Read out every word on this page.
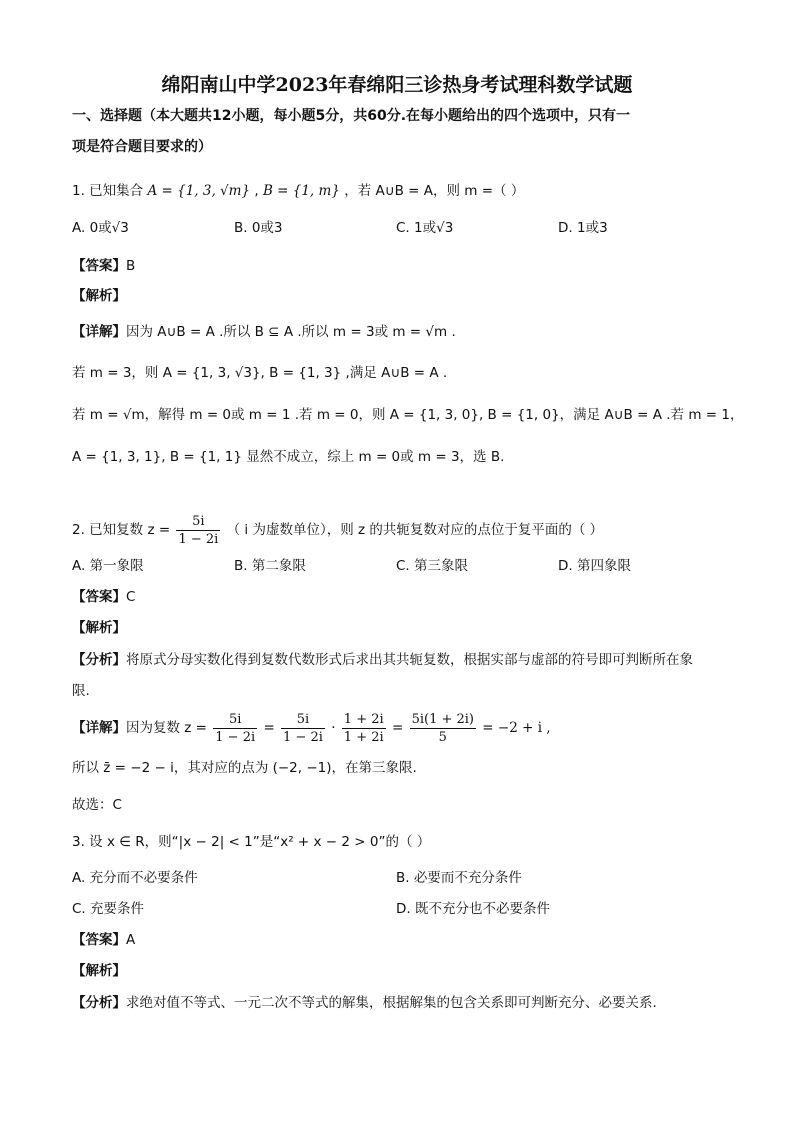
绵阳南山中学2023年春绵阳三诊热身考试理科数学试题
一、选择题（本大题共12小题，每小题5分，共60分.在每小题给出的四个选项中，只有一
项是符合题目要求的）
1. 已知集合 A = {1, 3, √m} , B = {1, m} ，若 A∪B = A，则 m =（ ）
A. 0或√3	B. 0或3	C. 1或√3	D. 1或3
【答案】B
【解析】
【详解】因为 A∪B = A .所以 B ⊆ A .所以 m = 3或 m = √m .
若 m = 3，则 A = {1, 3, √3}, B = {1, 3} ,满足 A∪B = A .
若 m = √m，解得 m = 0或 m = 1 .若 m = 0，则 A = {1, 3, 0}, B = {1, 0}，满足 A∪B = A .若 m = 1，
A = {1, 3, 1}, B = {1, 1} 显然不成立，综上 m = 0或 m = 3，选 B.
2. 已知复数 $z = \frac{5i}{1 - 2i}$ （ i 为虚数单位），则 z 的共轭复数对应的点位于复平面的（ ）
A. 第一象限	B. 第二象限	C. 第三象限	D. 第四象限
【答案】C
【解析】
【分析】将原式分母实数化得到复数代数形式后求出其共轭复数，根据实部与虚部的符号即可判断所在象
限.
【详解】因为复数 $z = \frac{5i}{1 - 2i} = \frac{5i}{1 - 2i} \cdot \frac{1 + 2i}{1 + 2i} = \frac{5i(1 + 2i)}{5} = -2 + i$ ,
所以 z̄ = −2 − i，其对应的点为 (−2, −1)，在第三象限.
故选：C
3. 设 x ∈ R，则“|x − 2| < 1”是“x² + x − 2 > 0”的（ ）
A. 充分而不必要条件	B. 必要而不充分条件
C. 充要条件	D. 既不充分也不必要条件
【答案】A
【解析】
【分析】求绝对值不等式、一元二次不等式的解集，根据解集的包含关系即可判断充分、必要关系.
